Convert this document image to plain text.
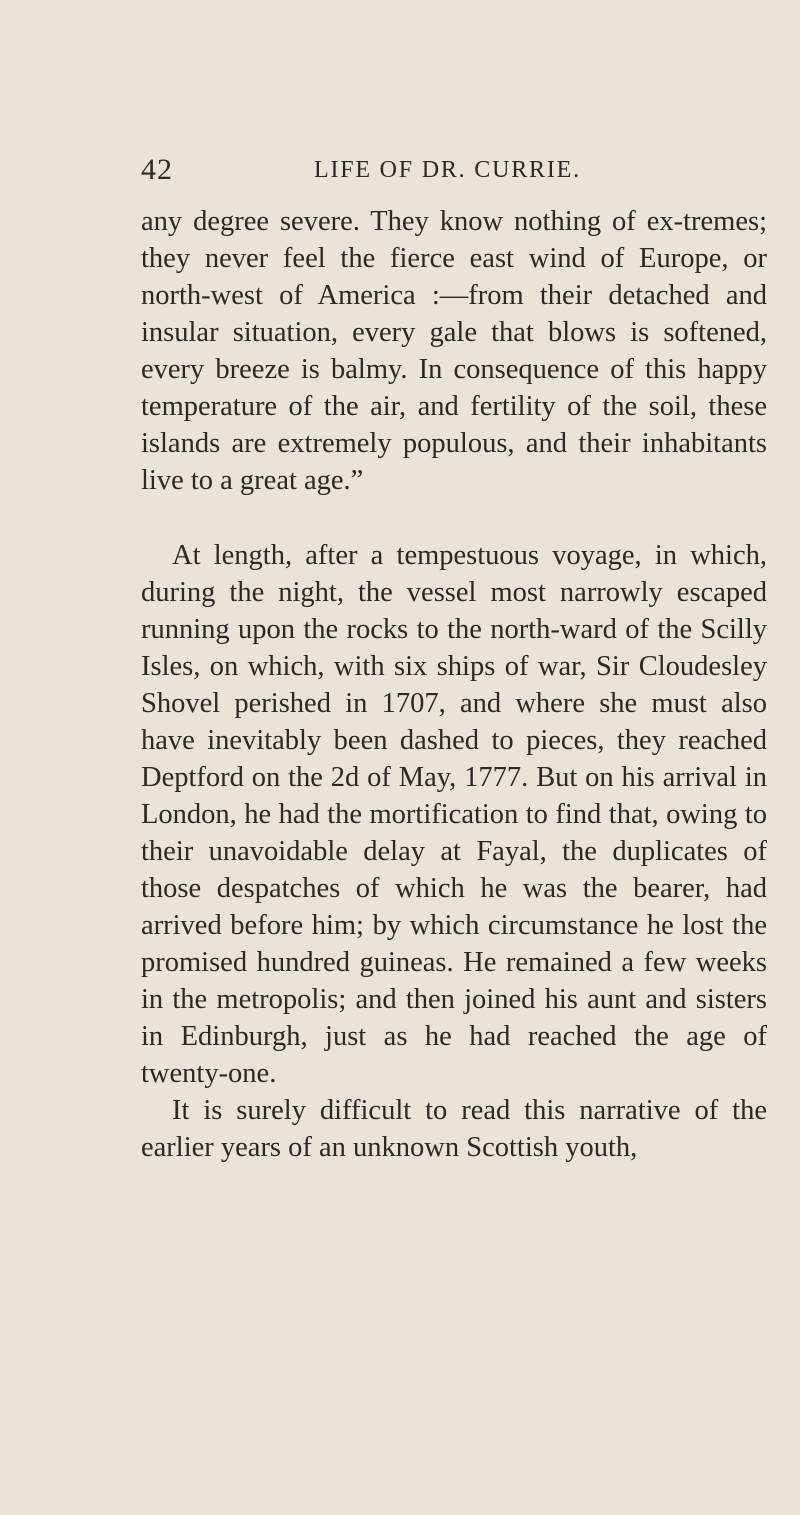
42	LIFE OF DR. CURRIE.

any degree severe. They know nothing of ex-tremes; they never feel the fierce east wind of Europe, or north-west of America :—from their detached and insular situation, every gale that blows is softened, every breeze is balmy. In consequence of this happy temperature of the air, and fertility of the soil, these islands are extremely populous, and their inhabitants live to a great age.”

At length, after a tempestuous voyage, in which, during the night, the vessel most narrowly escaped running upon the rocks to the north-ward of the Scilly Isles, on which, with six ships of war, Sir Cloudesley Shovel perished in 1707, and where she must also have inevitably been dashed to pieces, they reached Deptford on the 2d of May, 1777. But on his arrival in London, he had the mortification to find that, owing to their unavoidable delay at Fayal, the duplicates of those despatches of which he was the bearer, had arrived before him; by which circumstance he lost the promised hundred guineas. He remained a few weeks in the metropolis; and then joined his aunt and sisters in Edinburgh, just as he had reached the age of twenty-one.

It is surely difficult to read this narrative of the earlier years of an unknown Scottish youth,
